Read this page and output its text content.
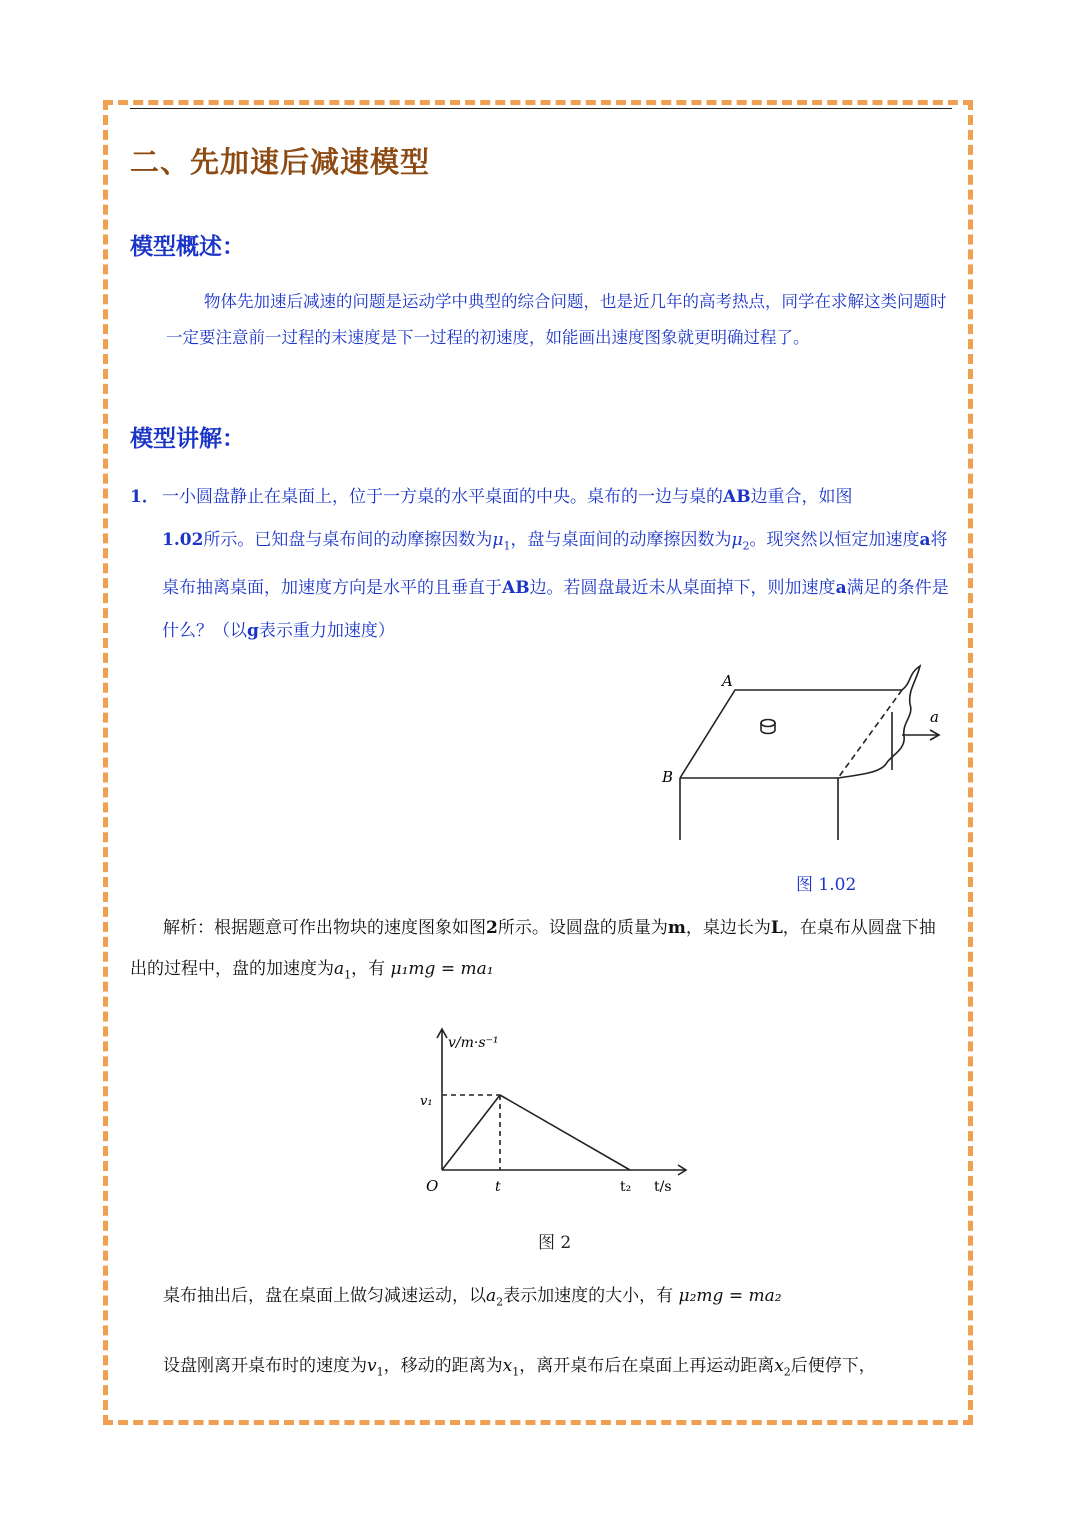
二、先加速后减速模型
模型概述：

物体先加速后减速的问题是运动学中典型的综合问题，也是近几年的高考热点，同学在求解这类问题时一定要注意前一过程的末速度是下一过程的初速度，如能画出速度图象就更明确过程了。

模型讲解：
1． 一小圆盘静止在桌面上，位于一方桌的水平桌面的中央。桌布的一边与桌的AB边重合，如图
1.02所示。已知盘与桌布间的动摩擦因数为$\mu_1$，盘与桌面间的动摩擦因数为$\mu_2$。现突然以恒定加速度a将桌布抽离桌面，加速度方向是水平的且垂直于AB边。若圆盘最近未从桌面掉下，则加速度a满足的条件是什么？（以g表示重力加速度）
A
B
a
图 1.02
解析：根据题意可作出物块的速度图象如图2所示。设圆盘的质量为m，桌边长为L，在桌布从圆盘下抽出的过程中，盘的加速度为$a_1$，有 μ₁mg = ma₁
v/m·s⁻¹
v₁
O	t	t₂ t/s
图 2
桌布抽出后，盘在桌面上做匀减速运动，以$a_2$表示加速度的大小，有 μ₂mg = ma₂
设盘刚离开桌布时的速度为$v_1$，移动的距离为$x_1$，离开桌布后在桌面上再运动距离$x_2$后便停下，
